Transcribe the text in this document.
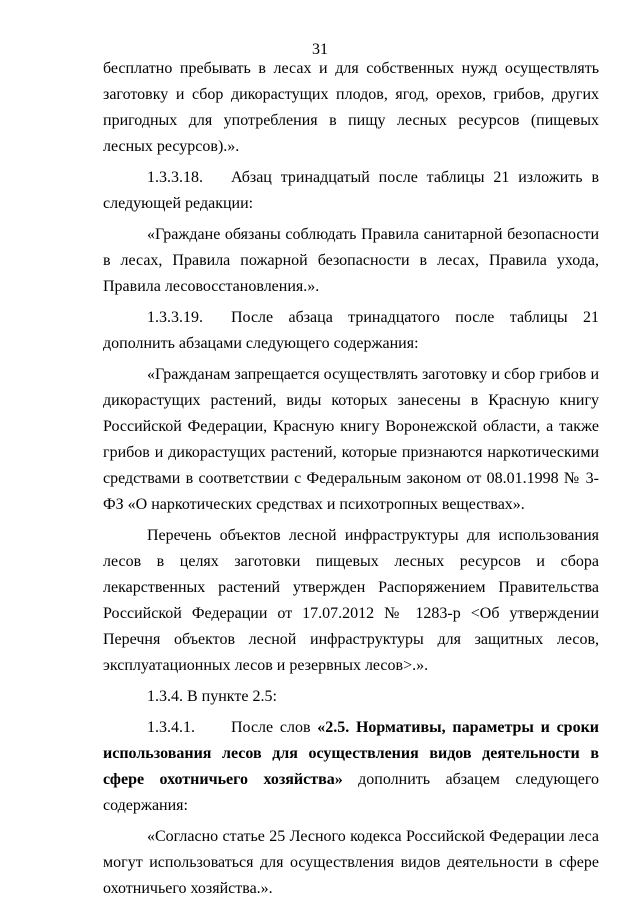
31

бесплатно пребывать в лесах и для собственных нужд осуществлять заготовку и сбор дикорастущих плодов, ягод, орехов, грибов, других пригодных для употребления в пищу лесных ресурсов (пищевых лесных ресурсов).».

1.3.3.18. Абзац тринадцатый после таблицы 21 изложить в следующей редакции:

«Граждане обязаны соблюдать Правила санитарной безопасности в лесах, Правила пожарной безопасности в лесах, Правила ухода, Правила лесовосстановления.».

1.3.3.19. После абзаца тринадцатого после таблицы 21 дополнить абзацами следующего содержания:

«Гражданам запрещается осуществлять заготовку и сбор грибов и дикорастущих растений, виды которых занесены в Красную книгу Российской Федерации, Красную книгу Воронежской области, а также грибов и дикорастущих растений, которые признаются наркотическими средствами в соответствии с Федеральным законом от 08.01.1998 № 3-ФЗ «О наркотических средствах и психотропных веществах».

Перечень объектов лесной инфраструктуры для использования лесов в целях заготовки пищевых лесных ресурсов и сбора лекарственных растений утвержден Распоряжением Правительства Российской Федерации от 17.07.2012 № 1283-р <Об утверждении Перечня объектов лесной инфраструктуры для защитных лесов, эксплуатационных лесов и резервных лесов>.».

1.3.4. В пункте 2.5:

1.3.4.1. После слов «2.5. Нормативы, параметры и сроки использования лесов для осуществления видов деятельности в сфере охотничьего хозяйства» дополнить абзацем следующего содержания:

«Согласно статье 25 Лесного кодекса Российской Федерации леса могут использоваться для осуществления видов деятельности в сфере охотничьего хозяйства.».
